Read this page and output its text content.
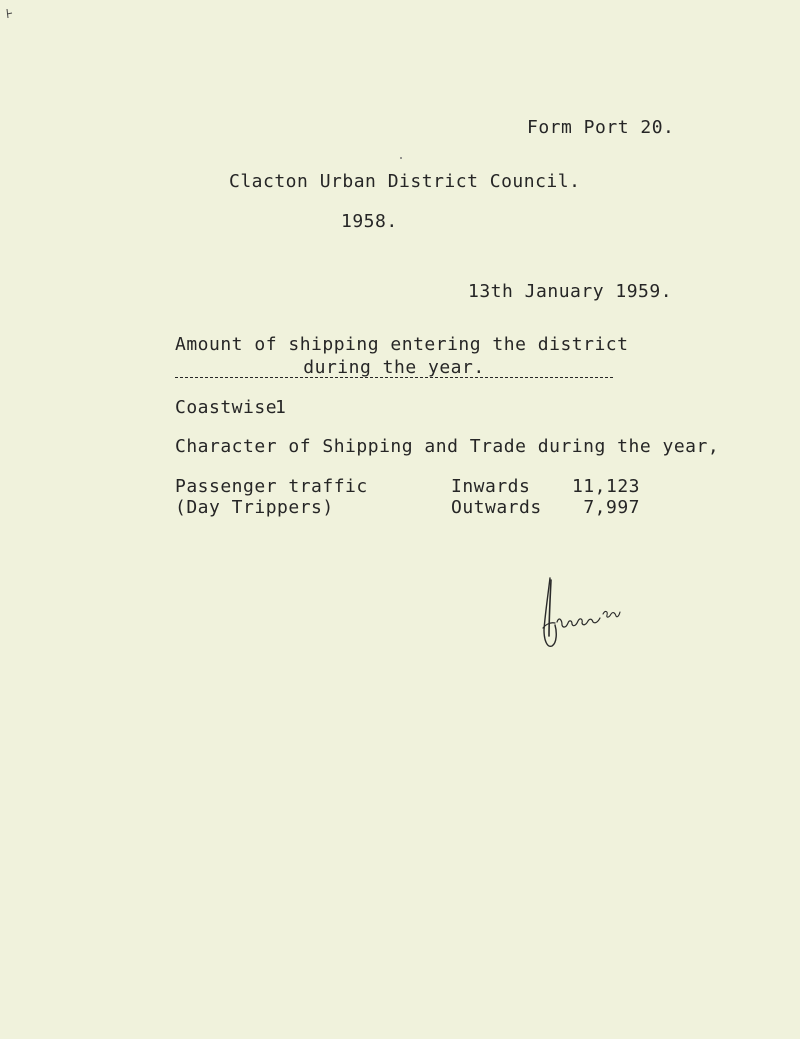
Form Port 20.
Clacton Urban District Council.
1958.
13th January 1959.
Amount of shipping entering the district
during the year.
Coastwise
1
Character of Shipping and Trade during the year,
Passenger traffic
(Day Trippers)
Inwards 11,123
Outwards	7,997
